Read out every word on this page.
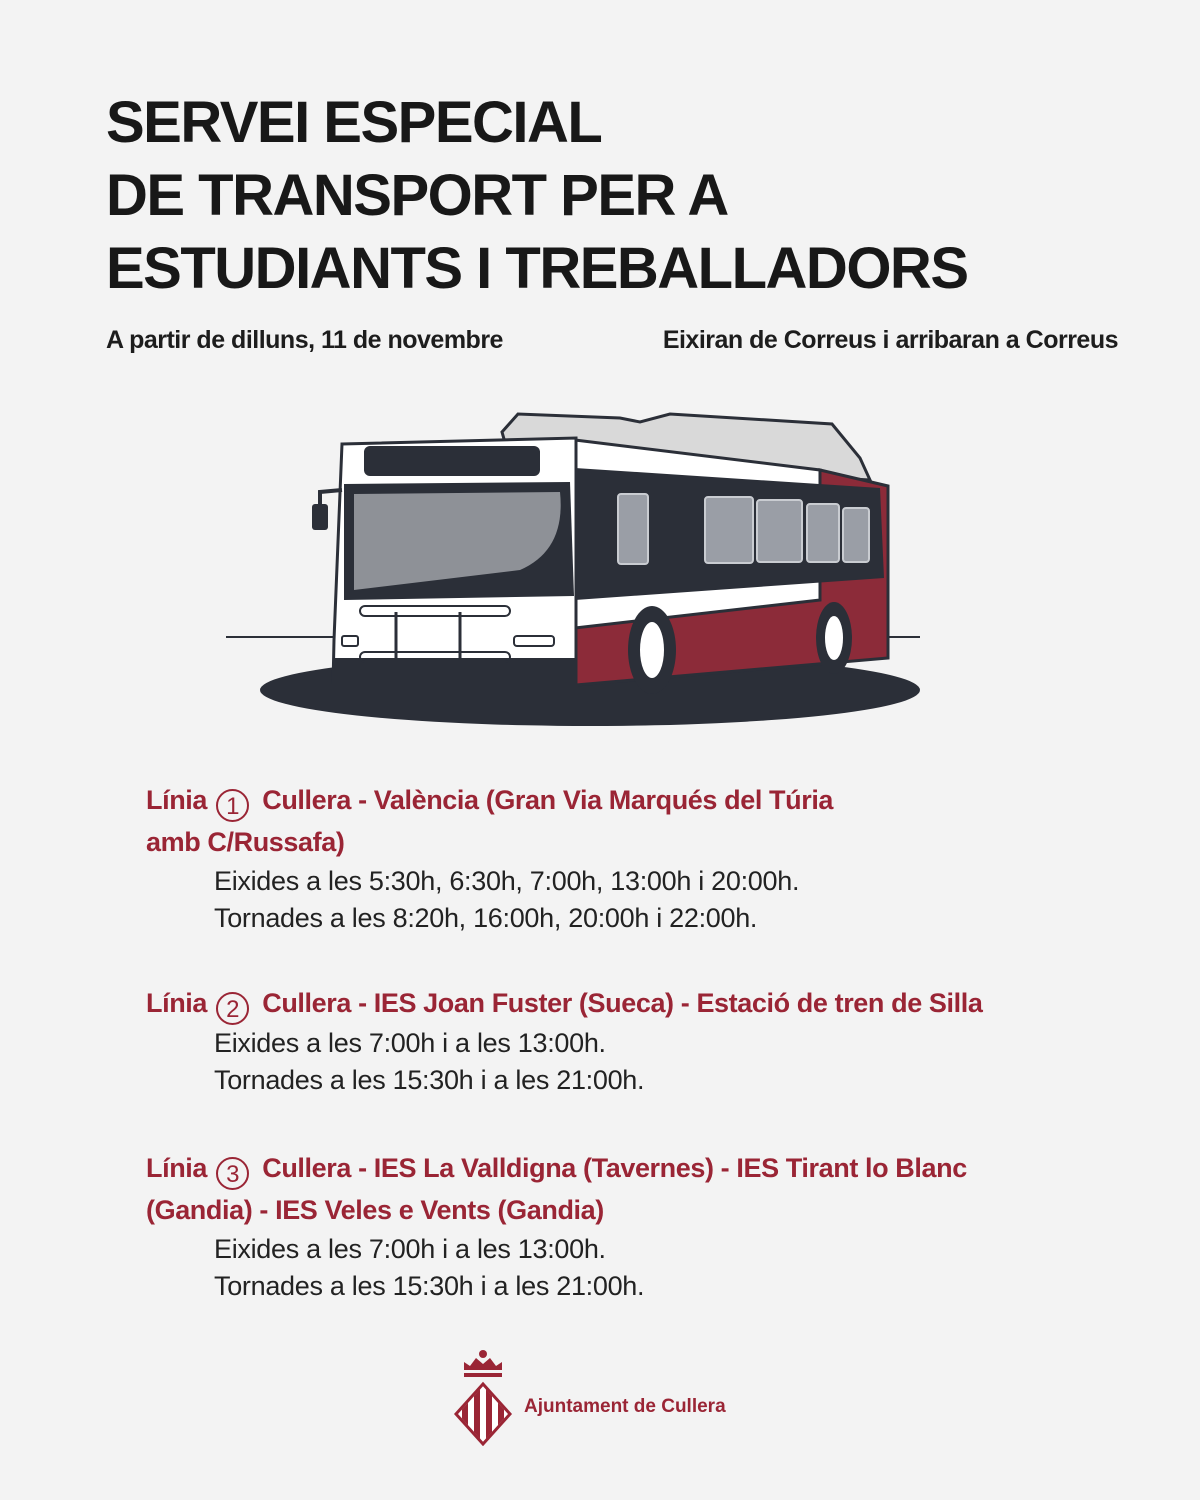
SERVEI ESPECIAL
DE TRANSPORT PER A
ESTUDIANTS I TREBALLADORS
A partir de dilluns, 11 de novembre	Eixiran de Correus i arribaran a Correus
Línia 1 Cullera - València (Gran Via Marqués del Túria
amb C/Russafa)
Eixides a les 5:30h, 6:30h, 7:00h, 13:00h i 20:00h.
Tornades a les 8:20h, 16:00h, 20:00h i 22:00h.
Línia 2 Cullera - IES Joan Fuster (Sueca) - Estació de tren de Silla
Eixides a les 7:00h i a les 13:00h.
Tornades a les 15:30h i a les 21:00h.
Línia 3 Cullera - IES La Valldigna (Tavernes) - IES Tirant lo Blanc
(Gandia) - IES Veles e Vents (Gandia)
Eixides a les 7:00h i a les 13:00h.
Tornades a les 15:30h i a les 21:00h.
Ajuntament de Cullera
